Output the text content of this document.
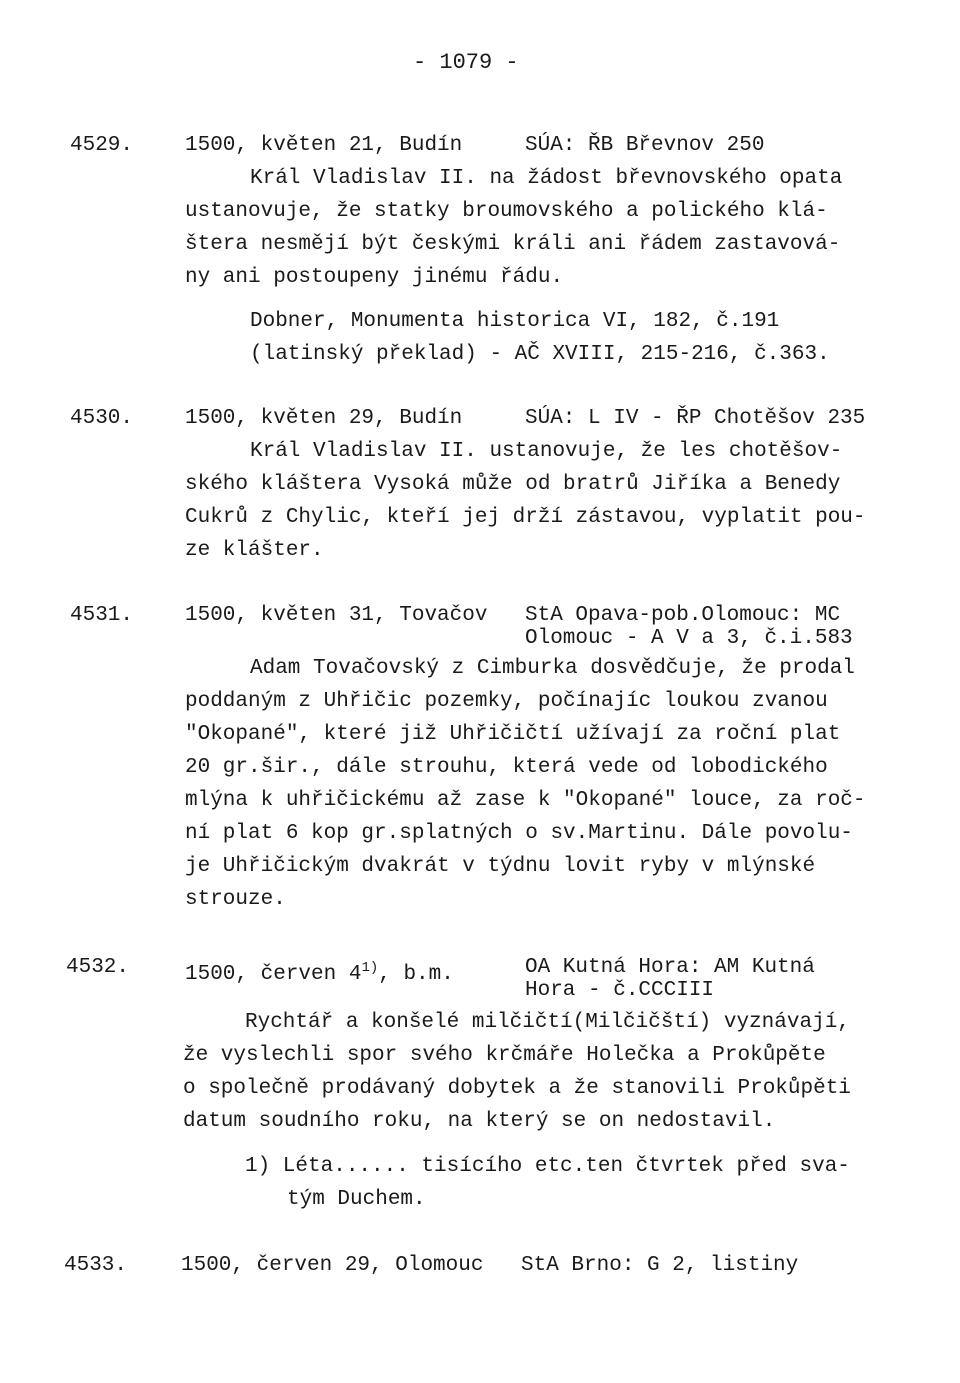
- 1079 -
4529. 1500, květen 21, Budín	SÚA: ŘB Břevnov 250
Král Vladislav II. na žádost břevnovského opata
ustanovuje, že statky broumovského a polického klá-
štera nesmějí být českými králi ani řádem zastavová-
ny ani postoupeny jinému řádu.
Dobner, Monumenta historica VI, 182, č.191
(latinský překlad) - AČ XVIII, 215-216, č.363.
4530. 1500, květen 29, Budín	SÚA: L IV - ŘP Chotěšov 235
Král Vladislav II. ustanovuje, že les chotěšov-
ského kláštera Vysoká může od bratrů Jiříka a Benedy
Cukrů z Chylic, kteří jej drží zástavou, vyplatit pou-
ze klášter.
4531. 1500, květen 31, Tovačov StA Opava-pob.Olomouc: MC
Olomouc - A V a 3, č.i.583
Adam Tovačovský z Cimburka dosvědčuje, že prodal
poddaným z Uhřičic pozemky, počínajíc loukou zvanou
"Okopané", které již Uhřičičtí užívají za roční plat
20 gr.šir., dále strouhu, která vede od lobodického
mlýna k uhřičickému až zase k "Okopané" louce, za roč-
ní plat 6 kop gr.splatných o sv.Martinu. Dále povolu-
je Uhřičickým dvakrát v týdnu lovit ryby v mlýnské
strouze.
4532.	1500, červen 4$^{1)}$, b.m.	OA Kutná Hora: AM Kutná
Hora - č.CCCIII
Rychtář a konšelé milčičtí(Milčičští) vyznávají,
že vyslechli spor svého krčmáře Holečka a Prokůpěte
o společně prodávaný dobytek a že stanovili Prokůpěti
datum soudního roku, na který se on nedostavil.
1) Léta...... tisícího etc.ten čtvrtek před sva-
tým Duchem.
4533.	1500, červen 29, Olomouc StA Brno: G 2, listiny
